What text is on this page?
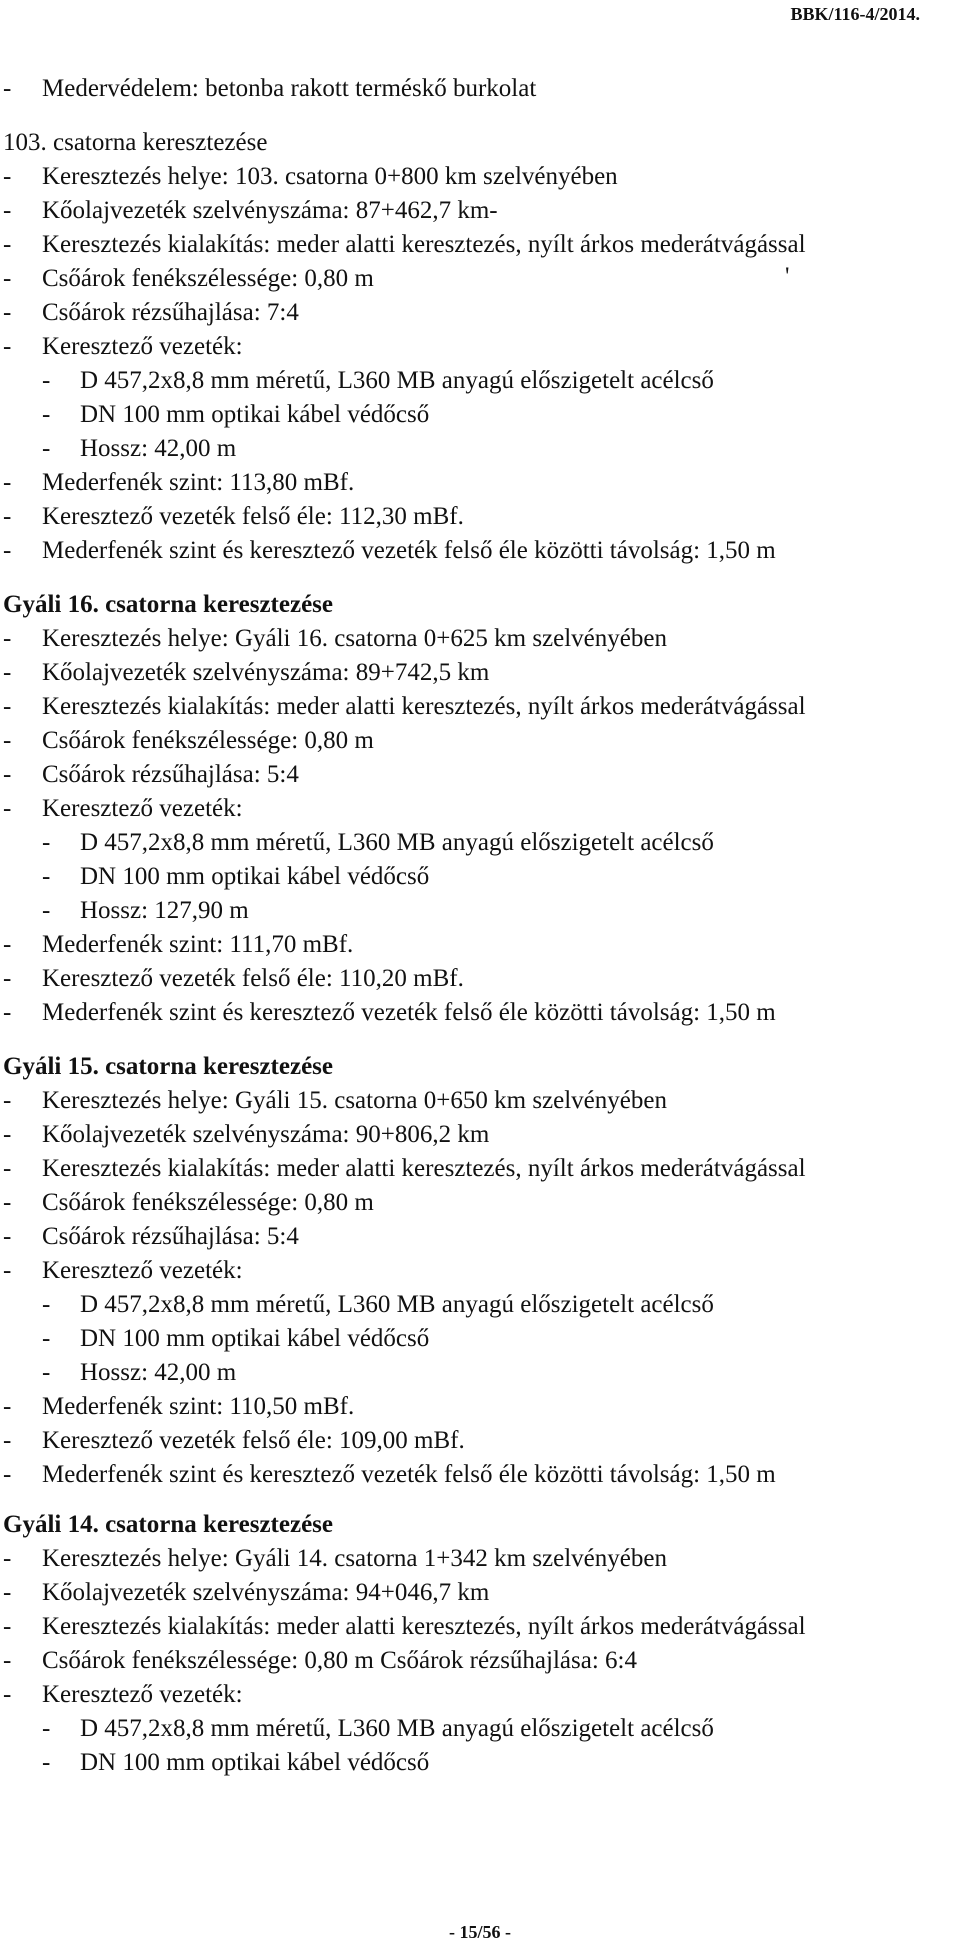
BBK/116-4/2014.
- Medervédelem: betonba rakott terméskő burkolat
103. csatorna keresztezése
- Keresztezés helye: 103. csatorna 0+800 km szelvényében
- Kőolajvezeték szelvényszáma: 87+462,7 km-
- Keresztezés kialakítás: meder alatti keresztezés, nyílt árkos mederátvágással
- Csőárok fenékszélessége: 0,80 m	'
- Csőárok rézsűhajlása: 7:4
- Keresztező vezeték:
- D 457,2x8,8 mm méretű, L360 MB anyagú előszigetelt acélcső
- DN 100 mm optikai kábel védőcső
- Hossz: 42,00 m
- Mederfenék szint: 113,80 mBf.
- Keresztező vezeték felső éle: 112,30 mBf.
- Mederfenék szint és keresztező vezeték felső éle közötti távolság: 1,50 m
Gyáli 16. csatorna keresztezése
- Keresztezés helye: Gyáli 16. csatorna 0+625 km szelvényében
- Kőolajvezeték szelvényszáma: 89+742,5 km
- Keresztezés kialakítás: meder alatti keresztezés, nyílt árkos mederátvágással
- Csőárok fenékszélessége: 0,80 m
- Csőárok rézsűhajlása: 5:4
- Keresztező vezeték:
- D 457,2x8,8 mm méretű, L360 MB anyagú előszigetelt acélcső
- DN 100 mm optikai kábel védőcső
- Hossz: 127,90 m
- Mederfenék szint: 111,70 mBf.
- Keresztező vezeték felső éle: 110,20 mBf.
- Mederfenék szint és keresztező vezeték felső éle közötti távolság: 1,50 m
Gyáli 15. csatorna keresztezése
- Keresztezés helye: Gyáli 15. csatorna 0+650 km szelvényében
- Kőolajvezeték szelvényszáma: 90+806,2 km
- Keresztezés kialakítás: meder alatti keresztezés, nyílt árkos mederátvágással
- Csőárok fenékszélessége: 0,80 m
- Csőárok rézsűhajlása: 5:4
- Keresztező vezeték:
- D 457,2x8,8 mm méretű, L360 MB anyagú előszigetelt acélcső
- DN 100 mm optikai kábel védőcső
- Hossz: 42,00 m
- Mederfenék szint: 110,50 mBf.
- Keresztező vezeték felső éle: 109,00 mBf.
- Mederfenék szint és keresztező vezeték felső éle közötti távolság: 1,50 m
Gyáli 14. csatorna keresztezése
- Keresztezés helye: Gyáli 14. csatorna 1+342 km szelvényében
- Kőolajvezeték szelvényszáma: 94+046,7 km
- Keresztezés kialakítás: meder alatti keresztezés, nyílt árkos mederátvágással
- Csőárok fenékszélessége: 0,80 m Csőárok rézsűhajlása: 6:4
- Keresztező vezeték:
- D 457,2x8,8 mm méretű, L360 MB anyagú előszigetelt acélcső
- DN 100 mm optikai kábel védőcső
- 15/56 -
